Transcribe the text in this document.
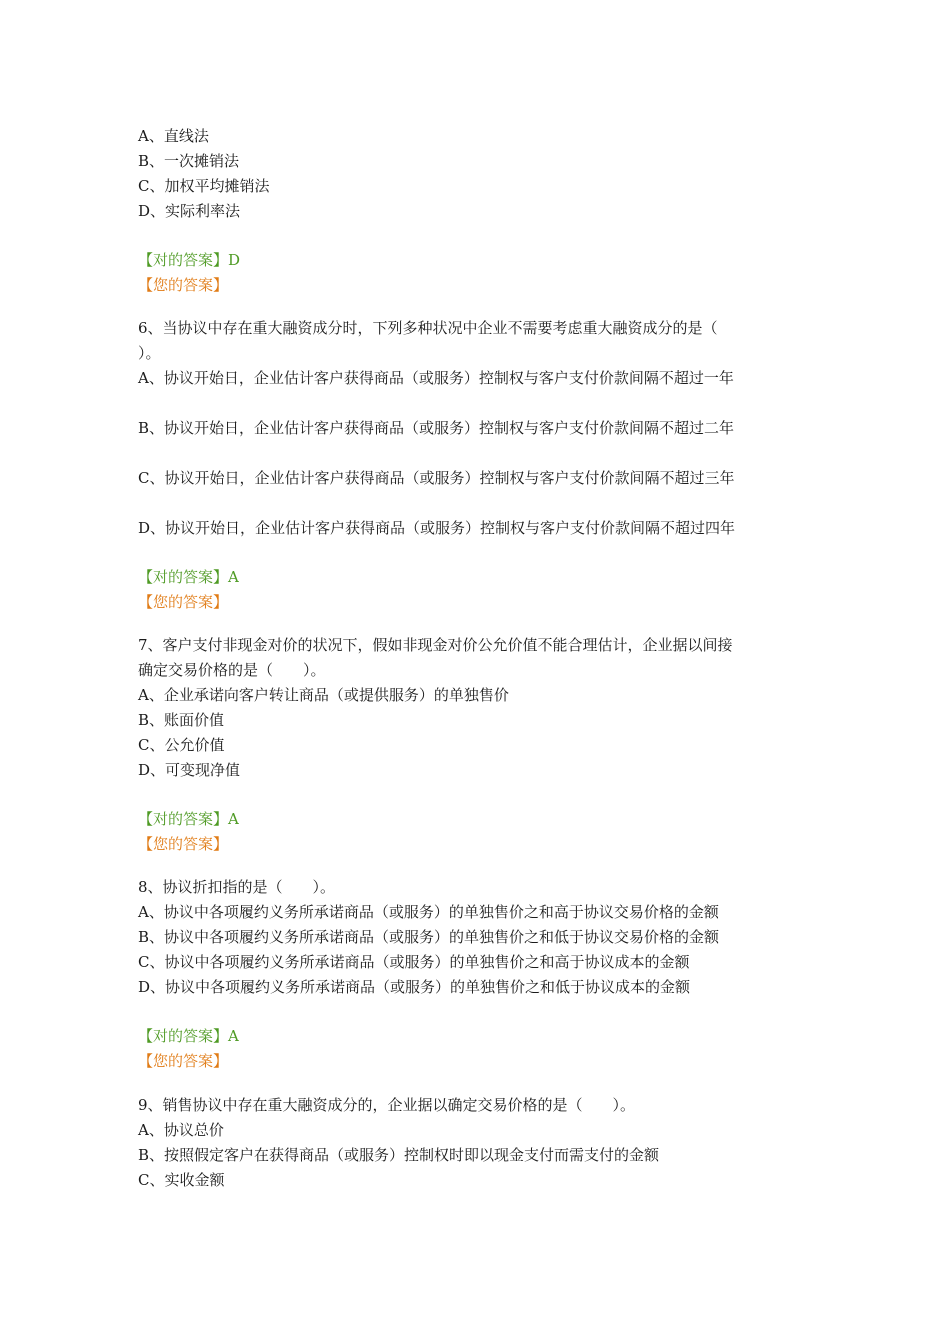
A、直线法
B、一次摊销法
C、加权平均摊销法
D、实际利率法
【对的答案】D
【您的答案】
6、当协议中存在重大融资成分时，下列多种状况中企业不需要考虑重大融资成分的是（
）。
A、协议开始日，企业估计客户获得商品（或服务）控制权与客户支付价款间隔不超过一年
B、协议开始日，企业估计客户获得商品（或服务）控制权与客户支付价款间隔不超过二年
C、协议开始日，企业估计客户获得商品（或服务）控制权与客户支付价款间隔不超过三年
D、协议开始日，企业估计客户获得商品（或服务）控制权与客户支付价款间隔不超过四年
【对的答案】A
【您的答案】
7、客户支付非现金对价的状况下，假如非现金对价公允价值不能合理估计，企业据以间接
确定交易价格的是（　　）。
A、企业承诺向客户转让商品（或提供服务）的单独售价
B、账面价值
C、公允价值
D、可变现净值
【对的答案】A
【您的答案】
8、协议折扣指的是（　　）。
A、协议中各项履约义务所承诺商品（或服务）的单独售价之和高于协议交易价格的金额
B、协议中各项履约义务所承诺商品（或服务）的单独售价之和低于协议交易价格的金额
C、协议中各项履约义务所承诺商品（或服务）的单独售价之和高于协议成本的金额
D、协议中各项履约义务所承诺商品（或服务）的单独售价之和低于协议成本的金额
【对的答案】A
【您的答案】
9、销售协议中存在重大融资成分的，企业据以确定交易价格的是（　　）。
A、协议总价
B、按照假定客户在获得商品（或服务）控制权时即以现金支付而需支付的金额
C、实收金额
